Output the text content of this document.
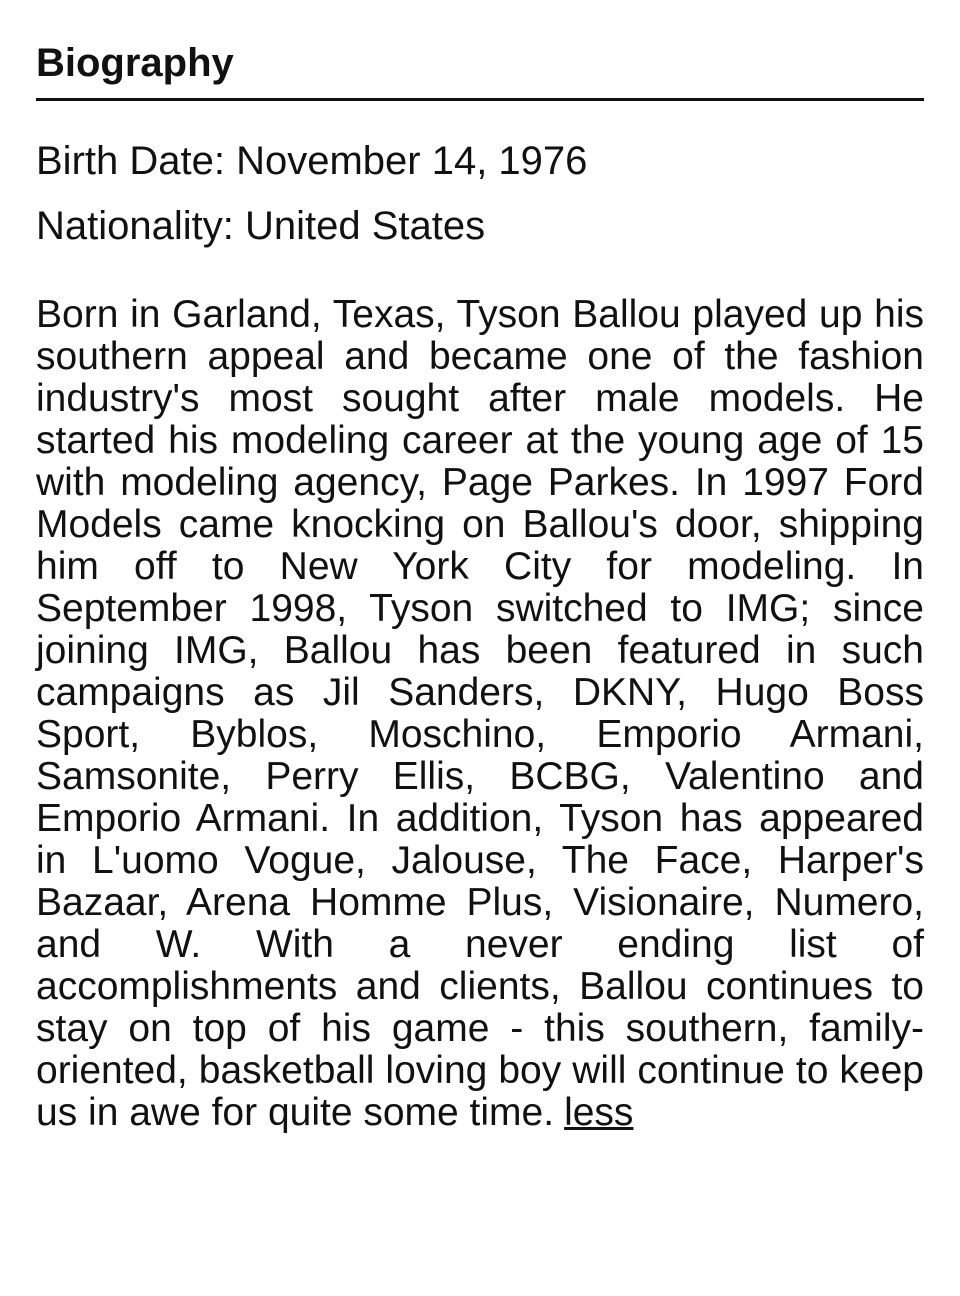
Biography

Birth Date: November 14, 1976

Nationality: United States

Born in Garland, Texas, Tyson Ballou played up his southern appeal and became one of the fashion industry's most sought after male models. He started his modeling career at the young age of 15 with modeling agency, Page Parkes. In 1997 Ford Models came knocking on Ballou's door, shipping him off to New York City for modeling. In September 1998, Tyson switched to IMG; since joining IMG, Ballou has been featured in such campaigns as Jil Sanders, DKNY, Hugo Boss Sport, Byblos, Moschino, Emporio Armani, Samsonite, Perry Ellis, BCBG, Valentino and Emporio Armani. In addition, Tyson has appeared in L'uomo Vogue, Jalouse, The Face, Harper's Bazaar, Arena Homme Plus, Visionaire, Numero, and W. With a never ending list of accomplishments and clients, Ballou continues to stay on top of his game - this southern, family-oriented, basketball loving boy will continue to keep us in awe for quite some time. less
